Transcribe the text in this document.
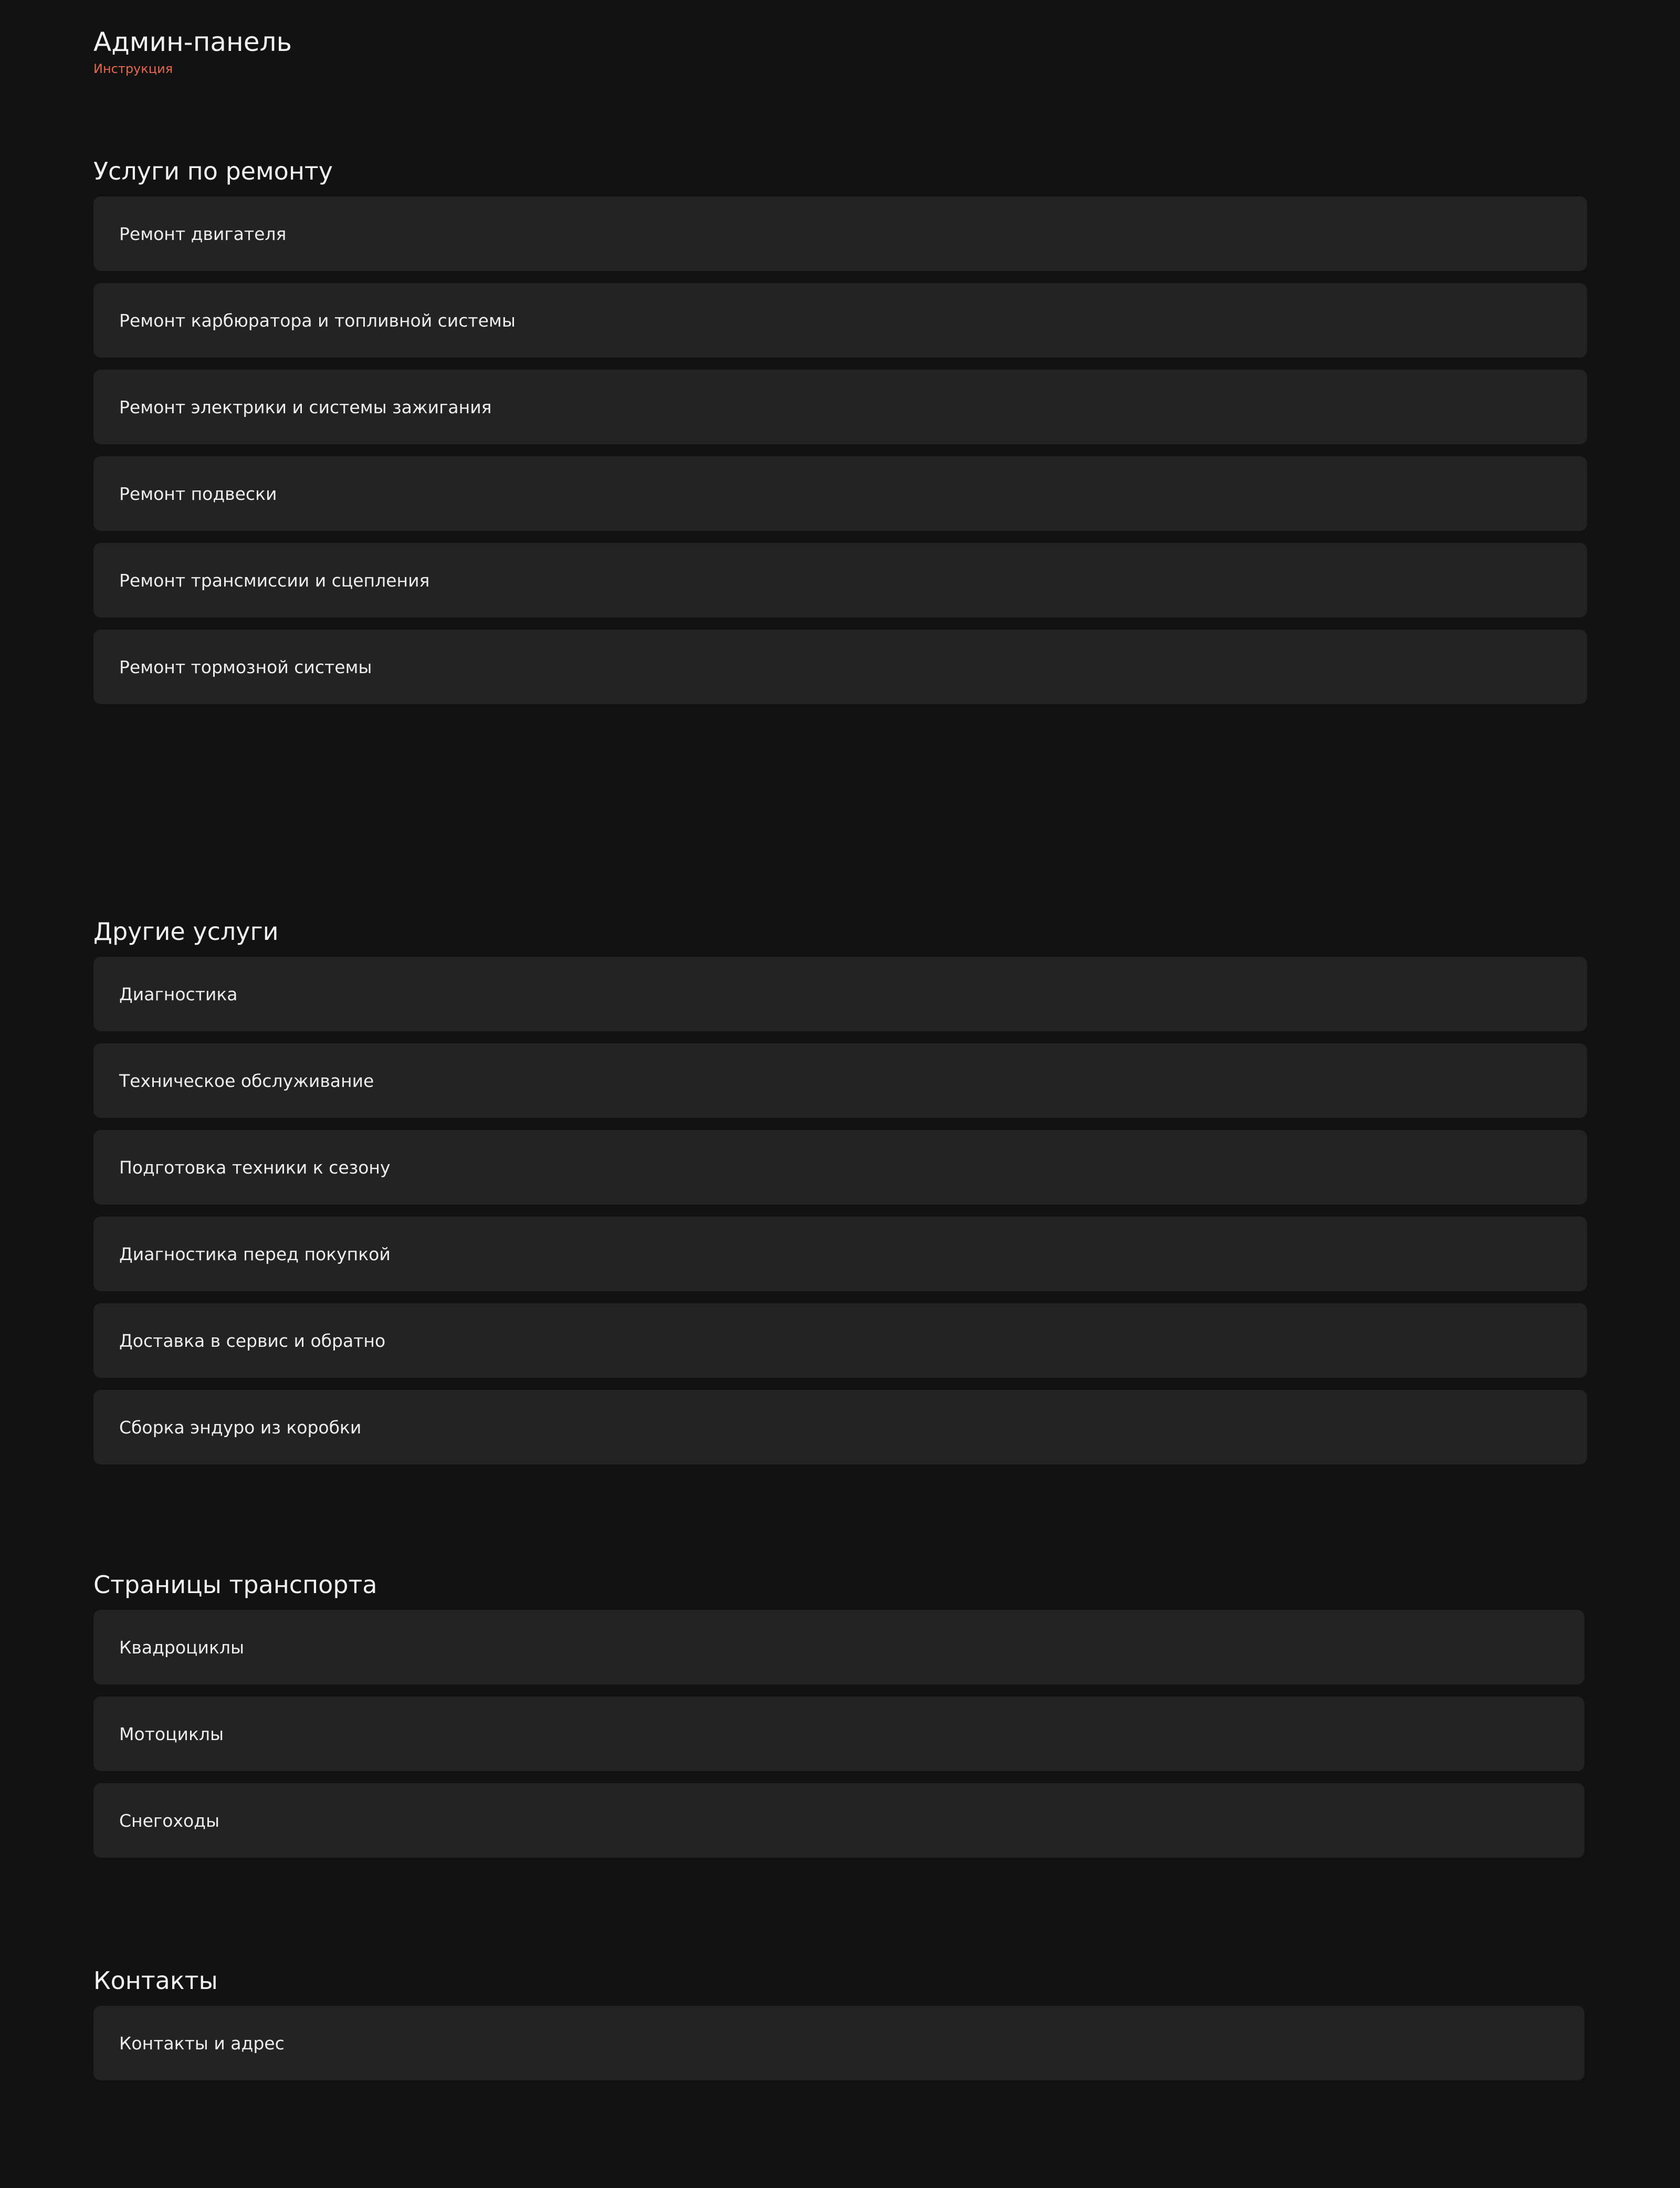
Админ-панель
Инструкция
Услуги по ремонту
Ремонт двигателя
Ремонт карбюратора и топливной системы
Ремонт электрики и системы зажигания
Ремонт подвески
Ремонт трансмиссии и сцепления
Ремонт тормозной системы
Другие услуги
Диагностика
Техническое обслуживание
Подготовка техники к сезону
Диагностика перед покупкой
Доставка в сервис и обратно
Сборка эндуро из коробки
Страницы транспорта
Квадроциклы
Мотоциклы
Снегоходы
Контакты
Контакты и адрес
